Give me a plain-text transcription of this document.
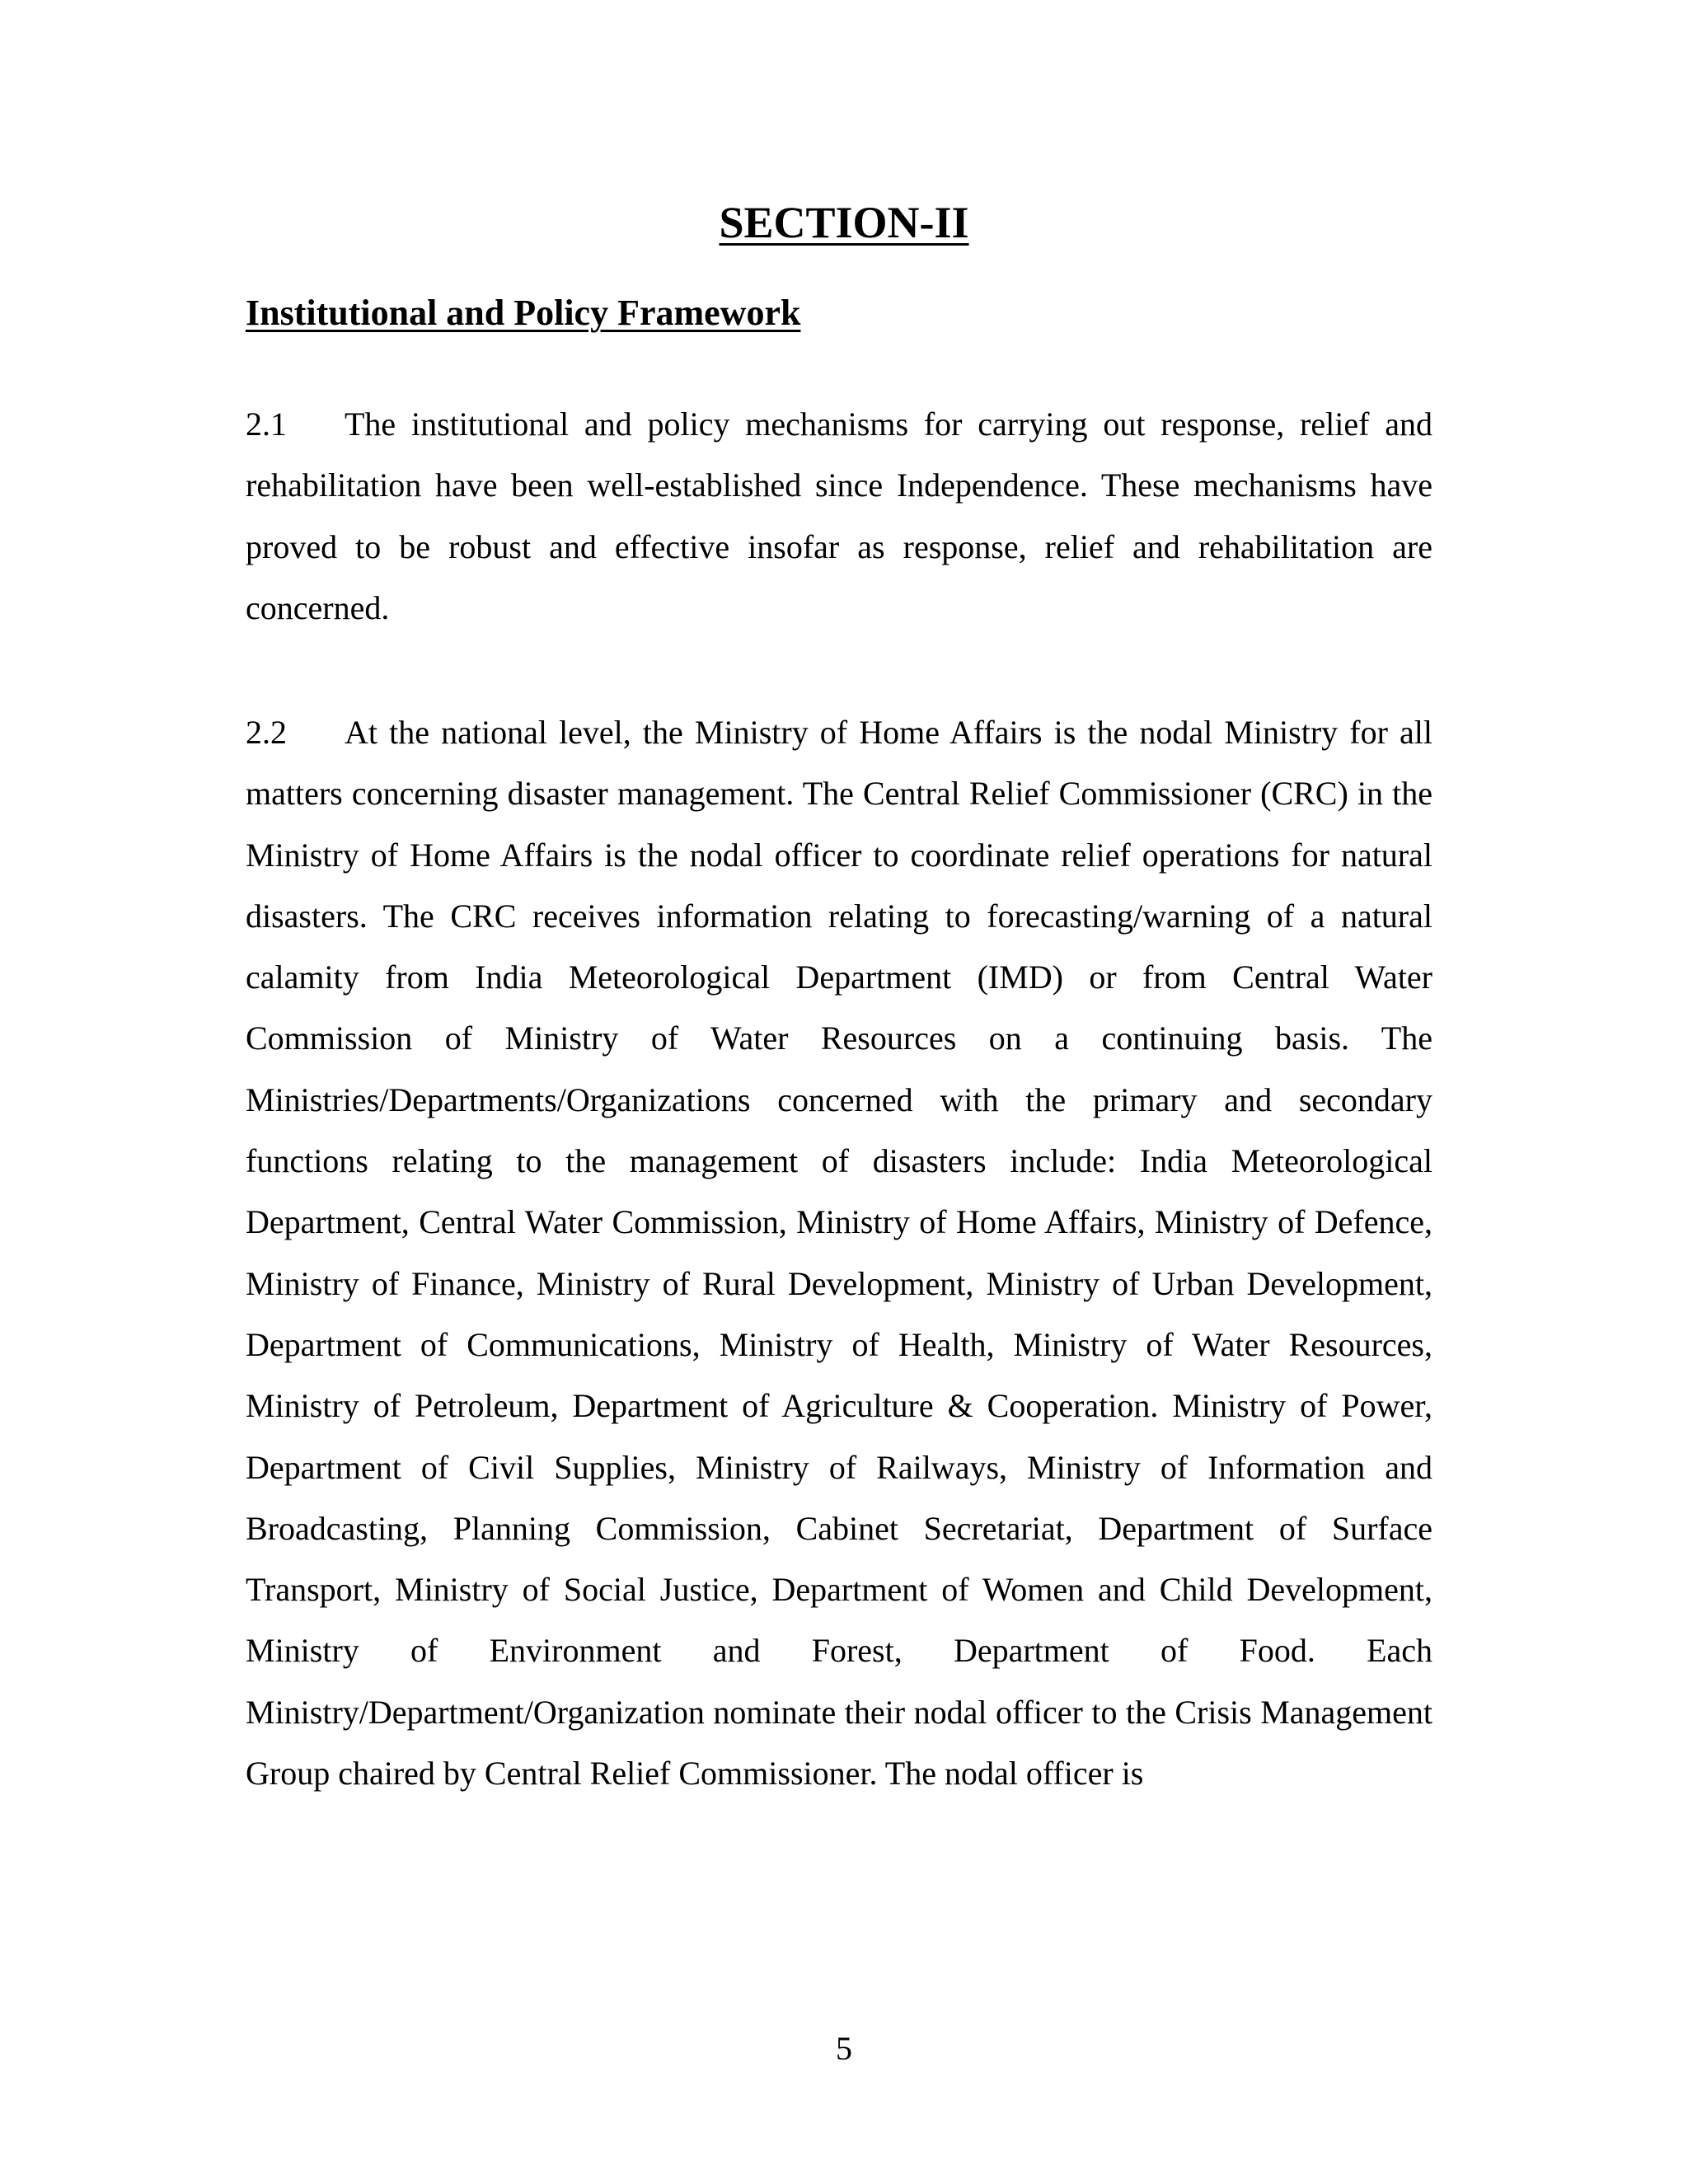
SECTION-II
Institutional and Policy Framework

2.1 The institutional and policy mechanisms for carrying out response, relief and rehabilitation have been well-established since Independence. These mechanisms have proved to be robust and effective insofar as response, relief and rehabilitation are concerned.

2.2 At the national level, the Ministry of Home Affairs is the nodal Ministry for all matters concerning disaster management. The Central Relief Commissioner (CRC) in the Ministry of Home Affairs is the nodal officer to coordinate relief operations for natural disasters. The CRC receives information relating to forecasting/warning of a natural calamity from India Meteorological Department (IMD) or from Central Water Commission of Ministry of Water Resources on a continuing basis. The Ministries/Departments/Organizations concerned with the primary and secondary functions relating to the management of disasters include: India Meteorological Department, Central Water Commission, Ministry of Home Affairs, Ministry of Defence, Ministry of Finance, Ministry of Rural Development, Ministry of Urban Development, Department of Communications, Ministry of Health, Ministry of Water Resources, Ministry of Petroleum, Department of Agriculture & Cooperation. Ministry of Power, Department of Civil Supplies, Ministry of Railways, Ministry of Information and Broadcasting, Planning Commission, Cabinet Secretariat, Department of Surface Transport, Ministry of Social Justice, Department of Women and Child Development, Ministry of Environment and Forest, Department of Food. Each Ministry/Department/Organization nominate their nodal officer to the Crisis Management Group chaired by Central Relief Commissioner. The nodal officer is

5
